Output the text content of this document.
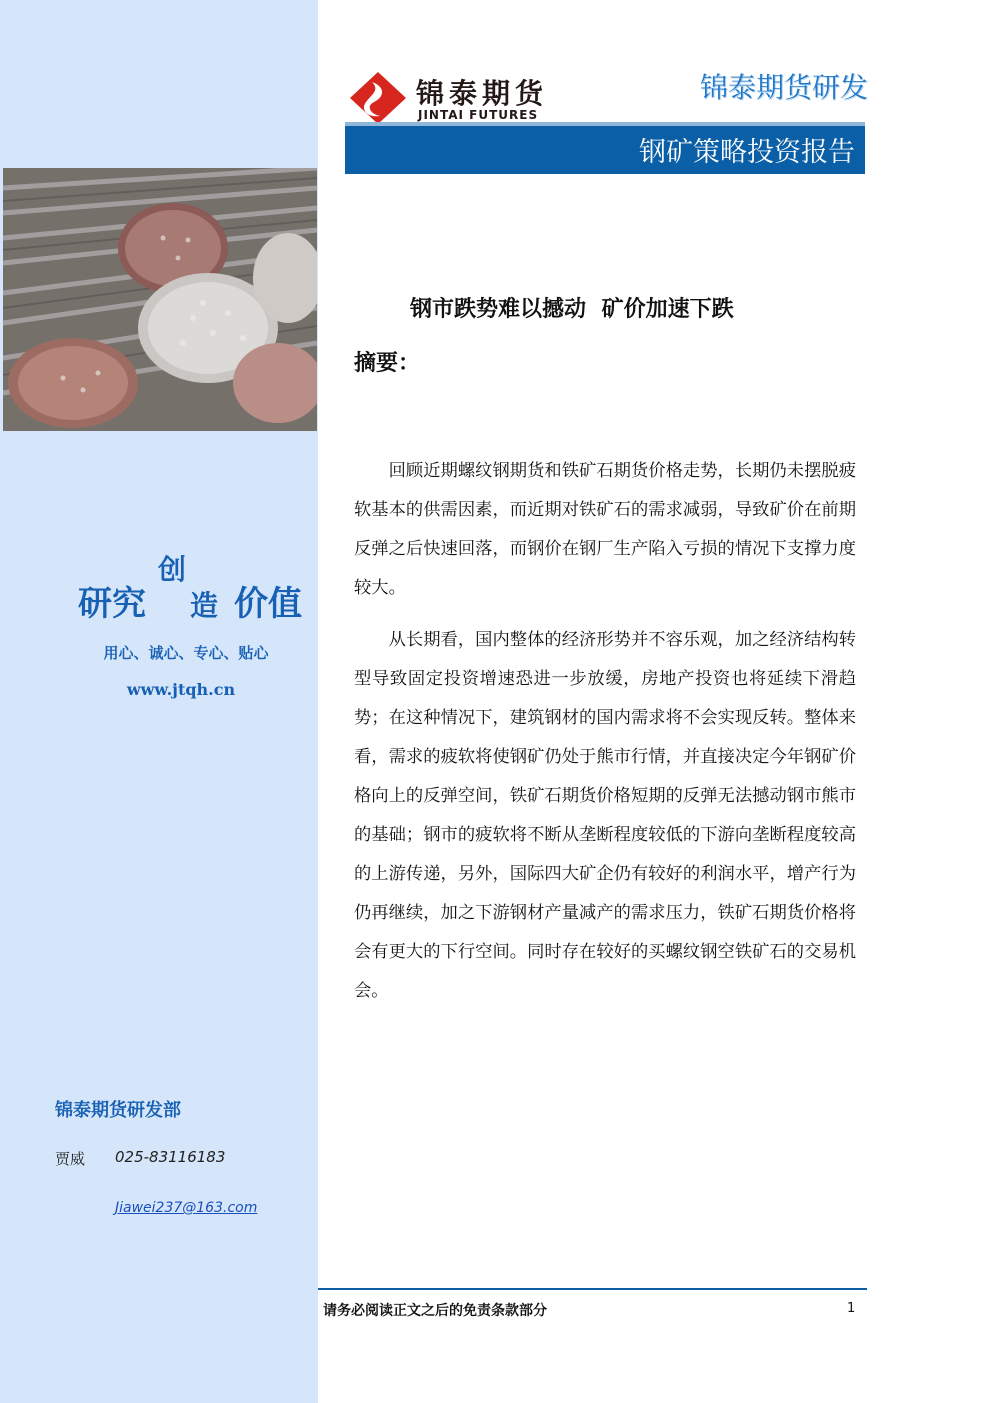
研究
创
造 价值
用心、诚心、专心、贴心
www.jtqh.cn
锦泰期货研发部
贾威 025-83116183
Jiawei237@163.com
锦泰期货
JINTAI FUTURES
锦泰期货研发
钢矿策略投资报告
钢市跌势难以撼动 矿价加速下跌
摘要：

回顾近期螺纹钢期货和铁矿石期货价格走势，长期仍未摆脱疲软基本的供需因素，而近期对铁矿石的需求减弱，导致矿价在前期反弹之后快速回落，而钢价在钢厂生产陷入亏损的情况下支撑力度较大。

从长期看，国内整体的经济形势并不容乐观，加之经济结构转型导致固定投资增速恐进一步放缓，房地产投资也将延续下滑趋势；在这种情况下，建筑钢材的国内需求将不会实现反转。整体来看，需求的疲软将使钢矿仍处于熊市行情，并直接决定今年钢矿价格向上的反弹空间，铁矿石期货价格短期的反弹无法撼动钢市熊市的基础；钢市的疲软将不断从垄断程度较低的下游向垄断程度较高的上游传递，另外，国际四大矿企仍有较好的利润水平，增产行为仍再继续，加之下游钢材产量减产的需求压力，铁矿石期货价格将会有更大的下行空间。同时存在较好的买螺纹钢空铁矿石的交易机会。

请务必阅读正文之后的免责条款部分	1
